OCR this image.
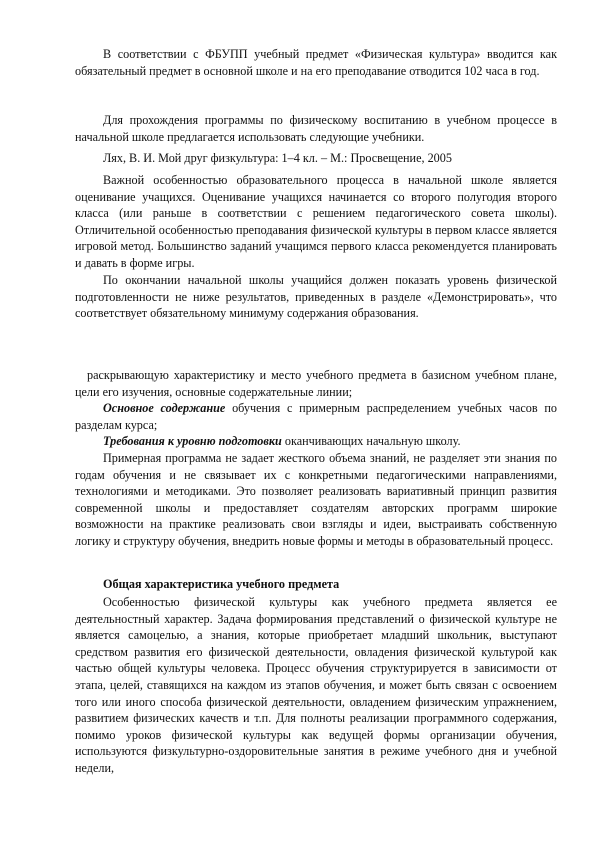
В соответствии с ФБУПП учебный предмет «Физическая культура» вводится как обязательный предмет в основной школе и на его преподавание отводится 102 часа в год.

Для прохождения программы по физическому воспитанию в учебном процессе в начальной школе предлагается использовать следующие учебники.

Лях, В. И. Мой друг физкультура: 1–4 кл. – М.: Просвещение, 2005

Важной особенностью образовательного процесса в начальной школе является оценивание учащихся. Оценивание учащихся начинается со второго полугодия второго класса (или раньше в соответствии с решением педагогического совета школы). Отличительной особенностью преподавания физической культуры в первом классе является игровой метод. Большинство заданий учащимся первого класса рекомендуется планировать и давать в форме игры.

По окончании начальной школы учащийся должен показать уровень физической подготовленности не ниже результатов, приведенных в разделе «Демонстрировать», что соответствует обязательному минимуму содержания образования.

раскрывающую характеристику и место учебного предмета в базисном учебном плане, цели его изучения, основные содержательные линии;

Основное содержание обучения с примерным распределением учебных часов по разделам курса;

Требования к уровню подготовки оканчивающих начальную школу.

Примерная программа не задает жесткого объема знаний, не разделяет эти знания по годам обучения и не связывает их с конкретными педагогическими направлениями, технологиями и методиками. Это позволяет реализовать вариативный принцип развития современной школы и предоставляет создателям авторских программ широкие возможности на практике реализовать свои взгляды и идеи, выстраивать собственную логику и структуру обучения, внедрить новые формы и методы в образовательный процесс.

Общая характеристика учебного предмета

Особенностью физической культуры как учебного предмета является ее деятельностный характер. Задача формирования представлений о физической культуре не является самоцелью, а знания, которые приобретает младший школьник, выступают средством развития его физической деятельности, овладения физической культурой как частью общей культуры человека. Процесс обучения структурируется в зависимости от этапа, целей, ставящихся на каждом из этапов обучения, и может быть связан с освоением того или иного способа физической деятельности, овладением физическим упражнением, развитием физических качеств и т.п. Для полноты реализации программного содержания, помимо уроков физической культуры как ведущей формы организации обучения, используются физкультурно-оздоровительные занятия в режиме учебного дня и учебной недели,
